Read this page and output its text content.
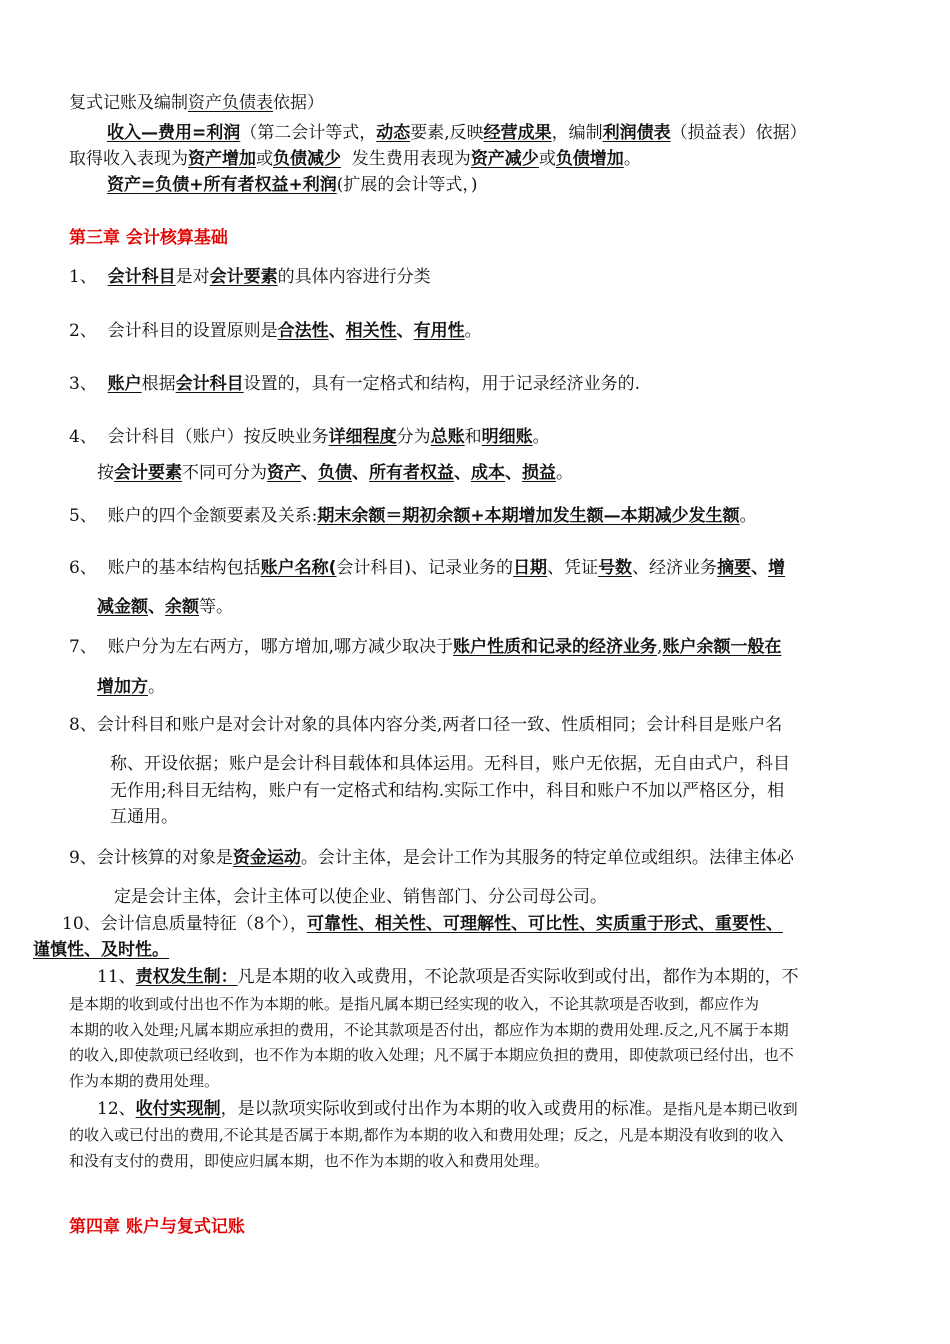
复式记账及编制资产负债表依据）
收入—费用=利润（第二会计等式，动态要素,反映经营成果，编制利润债表（损益表）依据）
取得收入表现为资产增加或负债减少  发生费用表现为资产减少或负债增加。
资产=负债+所有者权益+利润(扩展的会计等式，)
第三章 会计核算基础
1、 会计科目是对会计要素的具体内容进行分类
2、 会计科目的设置原则是合法性、相关性、有用性。
3、 账户根据会计科目设置的，具有一定格式和结构，用于记录经济业务的.
4、 会计科目（账户）按反映业务详细程度分为总账和明细账。
按会计要素不同可分为资产、负债、所有者权益、成本、损益。
5、 账户的四个金额要素及关系:期末余额＝期初余额+本期增加发生额—本期减少发生额。
6、 账户的基本结构包括账户名称(会计科目)、记录业务的日期、凭证号数、经济业务摘要、增
减金额、余额等。
7、 账户分为左右两方，哪方增加,哪方减少取决于账户性质和记录的经济业务,账户余额一般在
增加方。
8、会计科目和账户是对会计对象的具体内容分类,两者口径一致、性质相同；会计科目是账户名
称、开设依据；账户是会计科目载体和具体运用。无科目，账户无依据，无自由式户，科目
无作用;科目无结构，账户有一定格式和结构.实际工作中，科目和账户不加以严格区分，相
互通用。
9、会计核算的对象是资金运动。会计主体，是会计工作为其服务的特定单位或组织。法律主体必
定是会计主体，会计主体可以使企业、销售部门、分公司母公司。
10、会计信息质量特征（8个），可靠性、相关性、可理解性、可比性、实质重于形式、重要性、
谨慎性、及时性。
11、责权发生制：凡是本期的收入或费用，不论款项是否实际收到或付出，都作为本期的，不
是本期的收到或付出也不作为本期的帐。是指凡属本期已经实现的收入，不论其款项是否收到，都应作为
本期的收入处理;凡属本期应承担的费用，不论其款项是否付出，都应作为本期的费用处理.反之,凡不属于本期
的收入,即使款项已经收到，也不作为本期的收入处理；凡不属于本期应负担的费用，即使款项已经付出，也不
作为本期的费用处理。
12、收付实现制，是以款项实际收到或付出作为本期的收入或费用的标准。是指凡是本期已收到
的收入或已付出的费用,不论其是否属于本期,都作为本期的收入和费用处理；反之，凡是本期没有收到的收入
和没有支付的费用，即使应归属本期，也不作为本期的收入和费用处理。
第四章 账户与复式记账
